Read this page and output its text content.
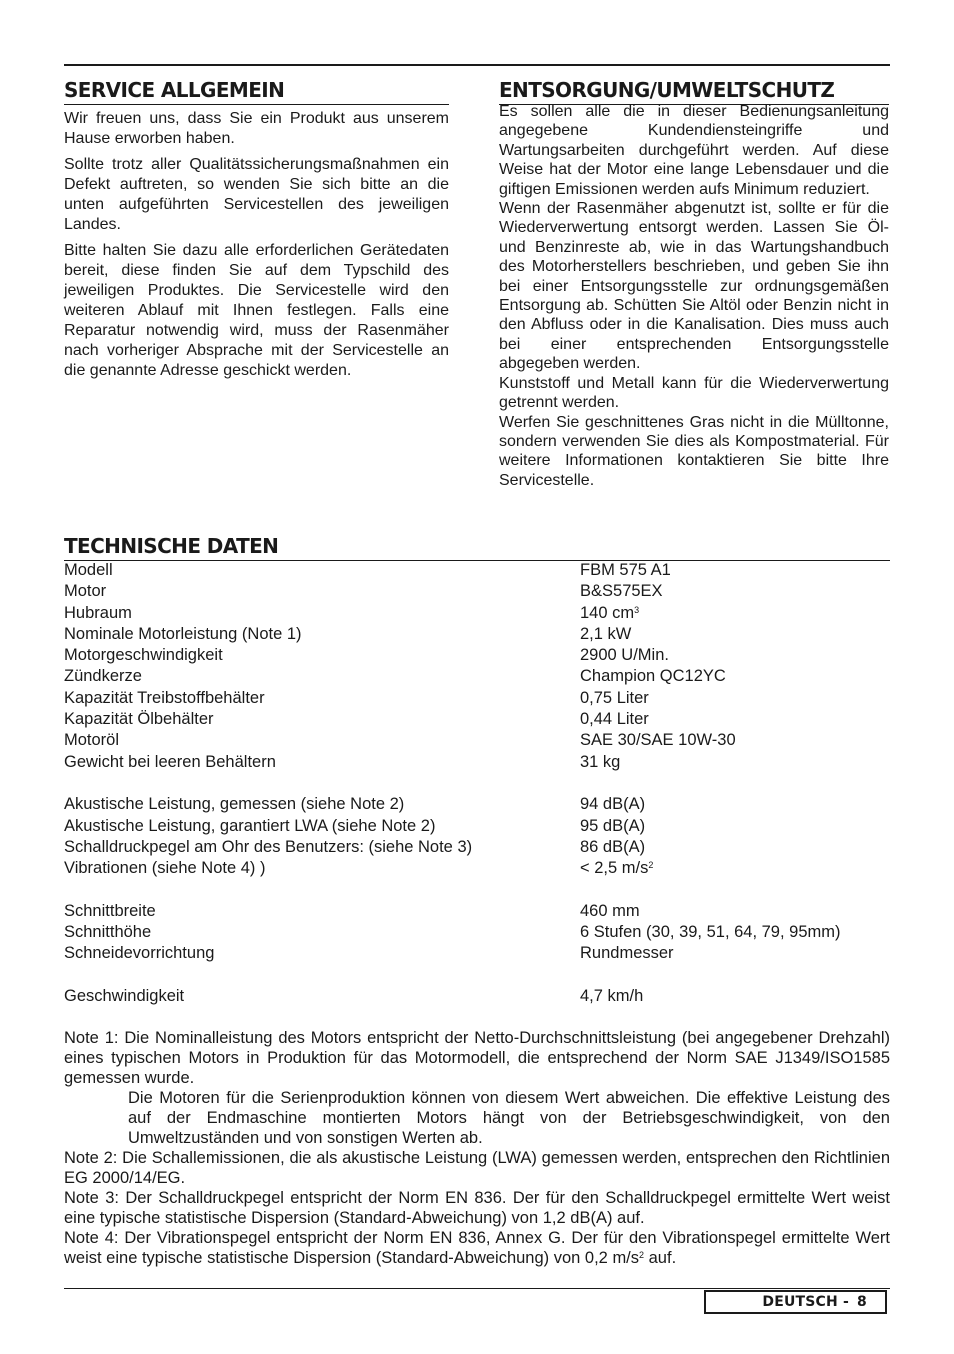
SERVICE ALLGEMEIN

Wir freuen uns, dass Sie ein Produkt aus unserem Hause erworben haben.

Sollte trotz aller Qualitätssicherungsmaßnahmen ein Defekt auftreten, so wenden Sie sich bitte an die unten aufgeführten Servicestellen des jeweiligen Landes.

Bitte halten Sie dazu alle erforderlichen Gerätedaten bereit, diese finden Sie auf dem Typschild des jeweiligen Produktes. Die Servicestelle wird den weiteren Ablauf mit Ihnen festlegen. Falls eine Reparatur notwendig wird, muss der Rasenmäher nach vorheriger Absprache mit der Servicestelle an die genannte Adresse geschickt werden.

ENTSORGUNG/UMWELTSCHUTZ

Es sollen alle die in dieser Bedienungsanleitung angegebene Kundendiensteingriffe und Wartungsarbeiten durchgeführt werden. Auf diese Weise hat der Motor eine lange Lebensdauer und die giftigen Emissionen werden aufs Minimum reduziert.

Wenn der Rasenmäher abgenutzt ist, sollte er für die Wiederverwertung entsorgt werden. Lassen Sie Öl- und Benzinreste ab, wie in das Wartungshandbuch des Motorherstellers beschrieben, und geben Sie ihn bei einer Entsorgungsstelle zur ordnungsgemäßen Entsorgung ab. Schütten Sie Altöl oder Benzin nicht in den Abfluss oder in die Kanalisation. Dies muss auch bei einer entsprechenden Entsorgungsstelle abgegeben werden.

Kunststoff und Metall kann für die Wiederverwertung getrennt werden.

Werfen Sie geschnittenes Gras nicht in die Mülltonne, sondern verwenden Sie dies als Kompostmaterial. Für weitere Informationen kontaktieren Sie bitte Ihre Servicestelle.

TECHNISCHE DATEN
Modell	FBM 575 A1
Motor	B&S575EX
Hubraum	140 $cm^3$
Nominale Motorleistung (Note 1)	2,1 kW
Motorgeschwindigkeit	2900 U/Min.
Zündkerze	Champion QC12YC
Kapazität Treibstoffbehälter	0,75 Liter
Kapazität Ölbehälter	0,44 Liter
Motoröl	SAE 30/SAE 10W-30
Gewicht bei leeren Behältern	31 kg
Akustische Leistung, gemessen (siehe Note 2)	94 dB(A)
Akustische Leistung, garantiert LWA (siehe Note 2)	95 dB(A)
Schalldruckpegel am Ohr des Benutzers: (siehe Note 3)	86 dB(A)
Vibrationen (siehe Note 4) )	< 2,5 $m/s^2$
Schnittbreite	460 mm
Schnitthöhe	6 Stufen (30, 39, 51, 64, 79, 95mm)
Schneidevorrichtung	Rundmesser
Geschwindigkeit	4,7 km/h
Note 1: Die Nominalleistung des Motors entspricht der Netto-Durchschnittsleistung (bei angegebener Drehzahl) eines typischen Motors in Produktion für das Motormodell, die entsprechend der Norm SAE J1349/ISO1585 gemessen wurde.
Die Motoren für die Serienproduktion können von diesem Wert abweichen. Die effektive Leistung des auf der Endmaschine montierten Motors hängt von der Betriebsgeschwindigkeit, von den Umweltzuständen und von sonstigen Werten ab.
Note 2: Die Schallemissionen, die als akustische Leistung (LWA) gemessen werden, entsprechen den Richtlinien EG 2000/14/EG.
Note 3: Der Schalldruckpegel entspricht der Norm EN 836. Der für den Schalldruckpegel ermittelte Wert weist eine typische statistische Dispersion (Standard-Abweichung) von 1,2 dB(A) auf.
Note 4: Der Vibrationspegel entspricht der Norm EN 836, Annex G. Der für den Vibrationspegel ermittelte Wert weist eine typische statistische Dispersion (Standard-Abweichung) von 0,2 $m/s^2$ auf.
DEUTSCH - 8
